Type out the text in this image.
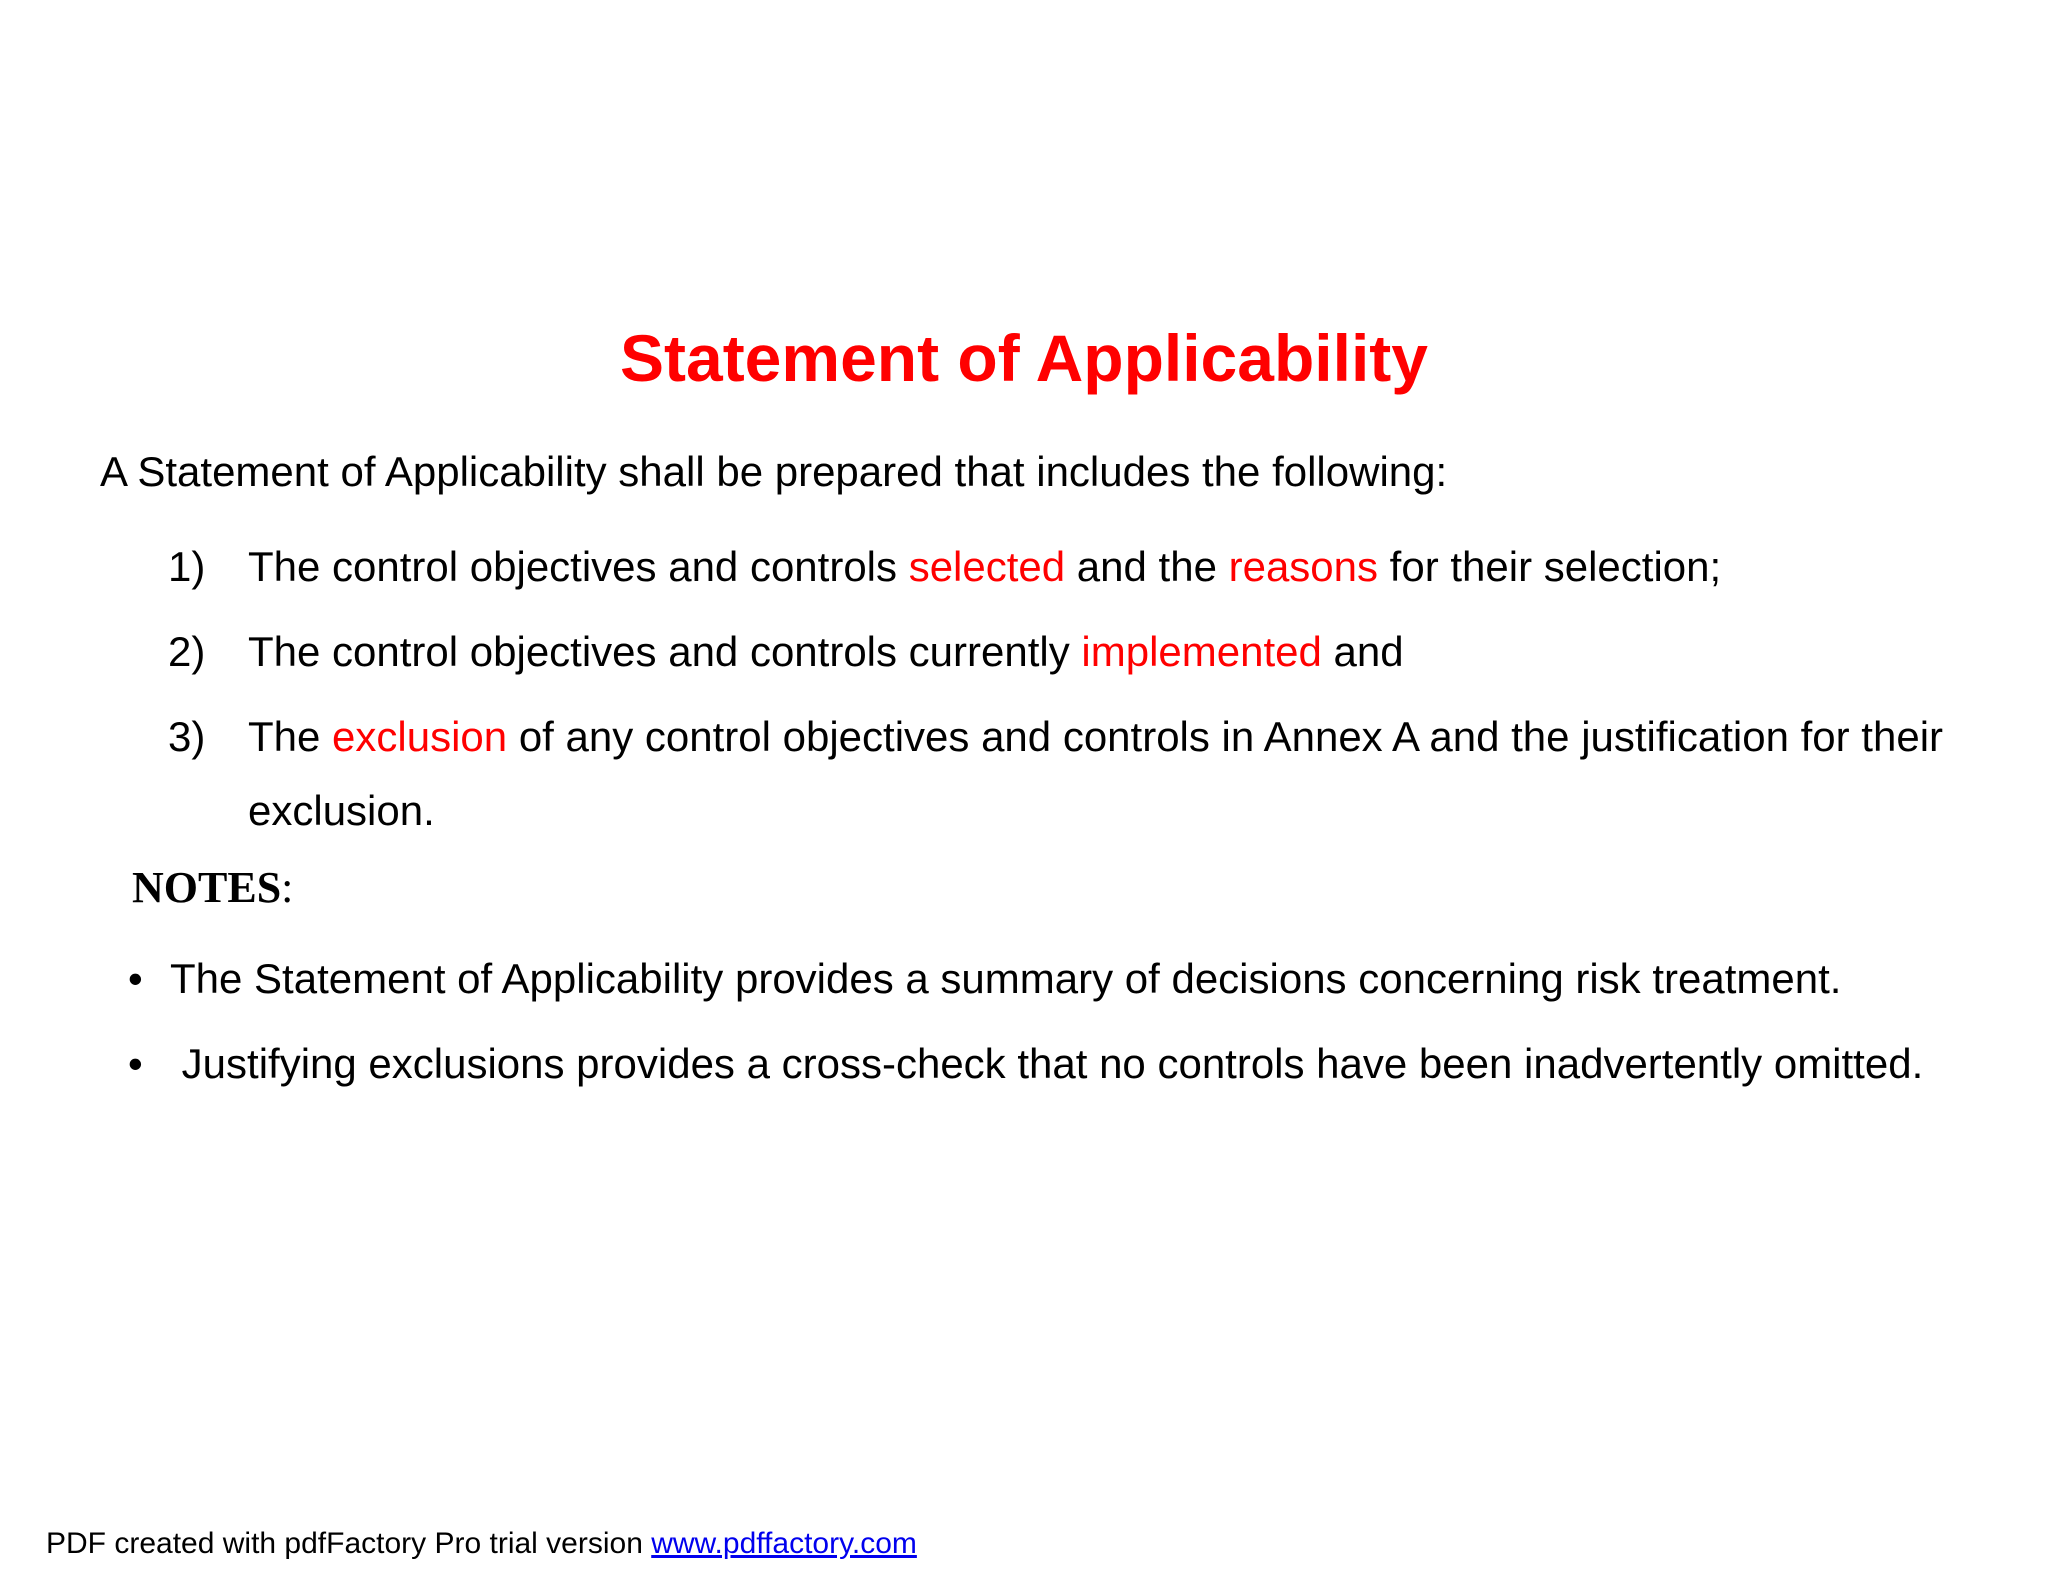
Statement of Applicability
A Statement of Applicability shall be prepared that includes the following:
1) The control objectives and controls selected and the reasons for their selection;
2) The control objectives and controls currently implemented and
3) The exclusion of any control objectives and controls in Annex A and the justification for their exclusion.
NOTES:
• The Statement of Applicability provides a summary of decisions concerning risk treatment.
• Justifying exclusions provides a cross-check that no controls have been inadvertently omitted.
PDF created with pdfFactory Pro trial version www.pdffactory.com
